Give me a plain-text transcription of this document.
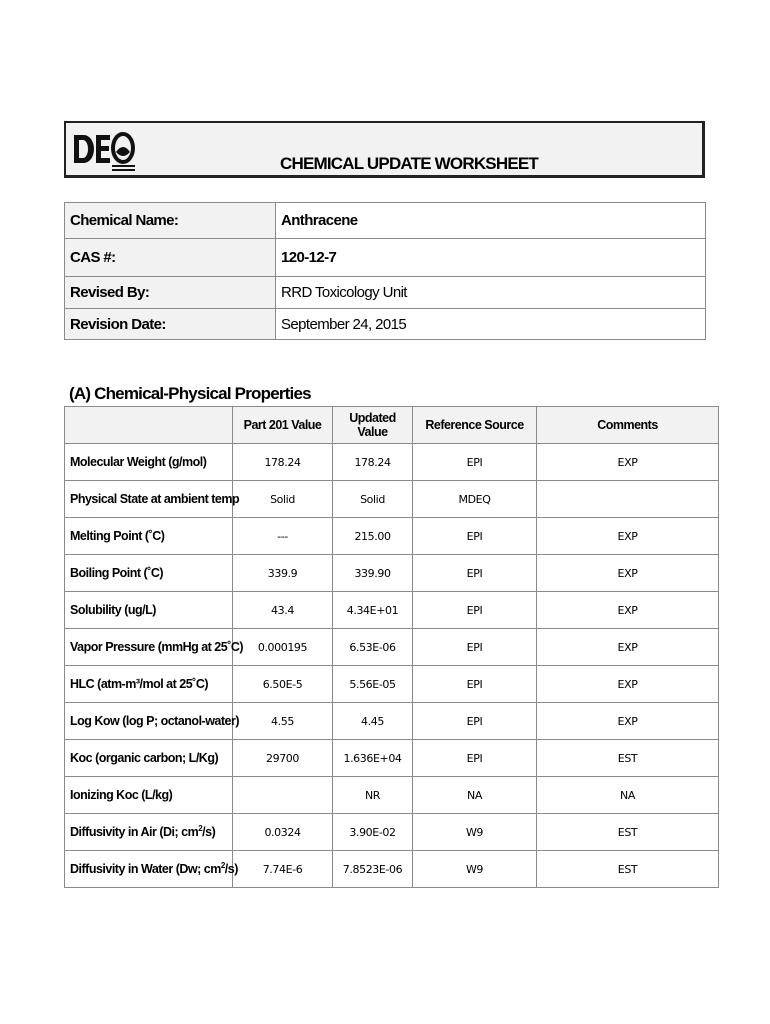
CHEMICAL UPDATE WORKSHEET
Chemical Name:	Anthracene
CAS #:	120-12-7
Revised By:	RRD Toxicology Unit
Revision Date:	September 24, 2015
(A) Chemical-Physical Properties
	Part 201 Value	Updated Value	Reference Source	Comments
Molecular Weight (g/mol)	178.24	178.24	EPI	EXP
Physical State at ambient temp	Solid	Solid	MDEQ	
Melting Point (˚C)	---	215.00	EPI	EXP
Boiling Point (˚C)	339.9	339.90	EPI	EXP
Solubility (ug/L)	43.4	4.34E+01	EPI	EXP
Vapor Pressure (mmHg at 25˚C)	0.000195	6.53E-06	EPI	EXP
HLC (atm-m³/mol at 25˚C)	6.50E-5	5.56E-05	EPI	EXP
Log Kow (log P; octanol-water)	4.55	4.45	EPI	EXP
Koc (organic carbon; L/Kg)	29700	1.636E+04	EPI	EST
Ionizing Koc (L/kg)		NR	NA	NA
Diffusivity in Air (Di; $cm^2/s$)	0.0324	3.90E-02	W9	EST
Diffusivity in Water (Dw; $cm^2/s$)	7.74E-6	7.8523E-06	W9	EST
